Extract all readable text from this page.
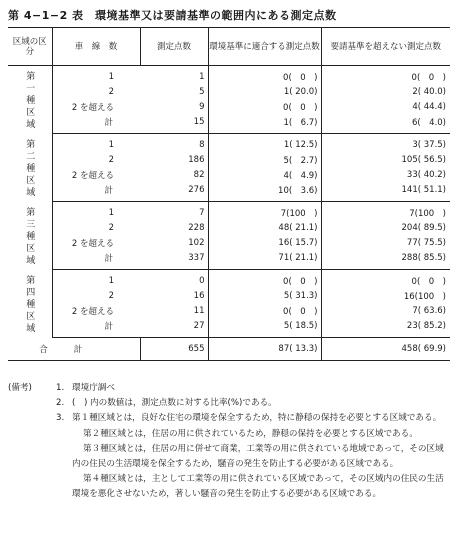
第 4−1−2 表　環境基準又は要請基準の範囲内にある測定点数
区域の区　分	車　線　数	測定点数	環境基準に適合する測定点数	要請基準を超えない測定点数
第一種区域	1	1	0(　0　)	0(　0　)
	2	5	1( 20.0)	2( 40.0)
	2 を超える	9	0(　0　)	4( 44.4)
	計	15	1(　6.7)	6(　4.0)
第二種区域	1	8	1( 12.5)	3( 37.5)
	2	186	5(　2.7)	105( 56.5)
	2 を超える	82	4(　4.9)	33( 40.2)
	計	276	10(　3.6)	141( 51.1)
第三種区域	1	7	7(100　)	7(100　)
	2	228	48( 21.1)	204( 89.5)
	2 を超える	102	16( 15.7)	77( 75.5)
	計	337	71( 21.1)	288( 85.5)
第四種区域	1	0	0(　0　)	0(　0　)
	2	16	5( 31.3)	16(100　)
	2 を超える	11	0(　0　)	7( 63.6)
	計	27	5( 18.5)	23( 85.2)
合計		655	87( 13.3)	458( 69.9)
(備考)	1. 環境庁調べ
2. (　) 内の数値は，測定点数に対する比率(%)である。
3. 第１種区域とは，良好な住宅の環境を保全するため，特に静穏の保持を必要とする区域である。
第２種区域とは，住居の用に供されているため，静穏の保持を必要とする区域である。
第３種区域とは，住居の用に併せて商業，工業等の用に供されている地域であって，その区域内の住民の生活環境を保全するため，騒音の発生を防止する必要がある区域である。
第４種区域とは，主として工業等の用に供されている区域であって，その区域内の住民の生活環境を悪化させないため，著しい騒音の発生を防止する必要がある区域である。
